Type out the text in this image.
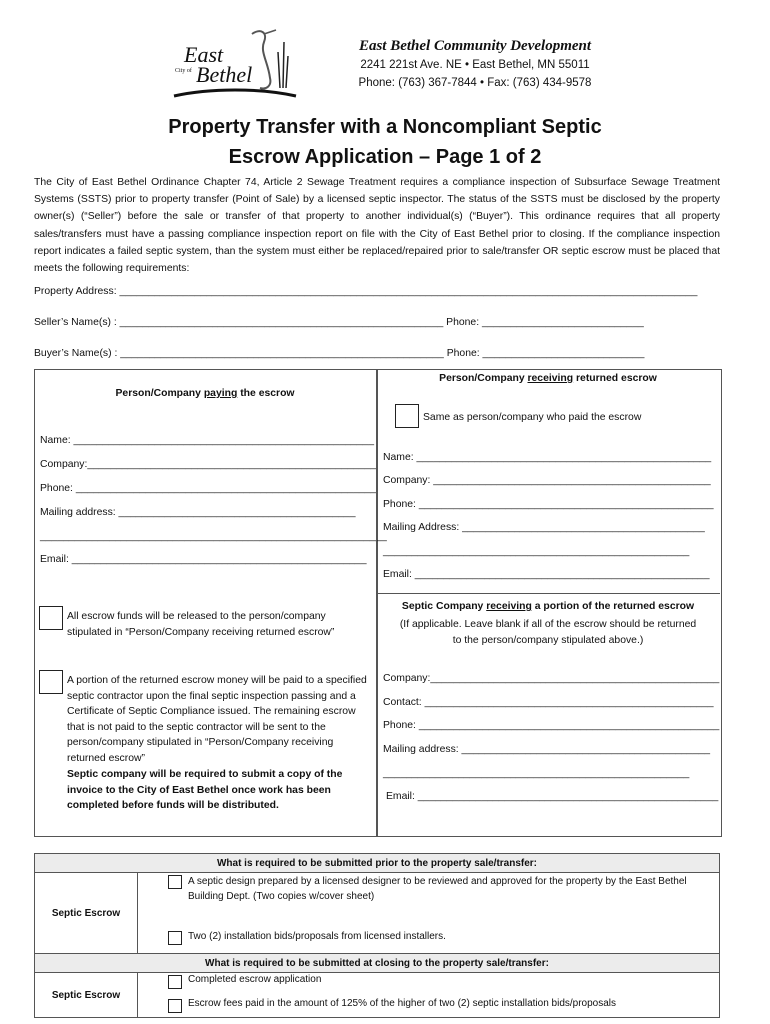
East
City of Bethel
East Bethel Community Development
2241 221st Ave. NE • East Bethel, MN 55011
Phone: (763) 367-7844 • Fax: (763) 434-9578
Property Transfer with a Noncompliant Septic
Escrow Application – Page 1 of 2
The City of East Bethel Ordinance Chapter 74, Article 2 Sewage Treatment requires a compliance inspection of Subsurface Sewage Treatment Systems (SSTS) prior to property transfer (Point of Sale) by a licensed septic inspector. The status of the SSTS must be disclosed by the property owner(s) (“Seller”) before the sale or transfer of that property to another individual(s) (“Buyer”). This ordinance requires that all property sales/transfers must have a passing compliance inspection report on file with the City of East Bethel prior to closing. If the compliance inspection report indicates a failed septic system, than the system must either be replaced/repaired prior to sale/transfer OR septic escrow must be placed that meets the following requirements:
Property Address: ____________________________________________________________________________________________________
Seller’s Name(s) : ________________________________________________________ Phone: ____________________________
Buyer’s Name(s) : ________________________________________________________ Phone: ____________________________
Person/Company paying the escrow
Name: ____________________________________________________
Company:__________________________________________________
Phone: ____________________________________________________
Mailing address: _________________________________________
____________________________________________________________
Email: ___________________________________________________
All escrow funds will be released to the person/company stipulated in “Person/Company receiving returned escrow”
A portion of the returned escrow money will be paid to a specified septic contractor upon the final septic inspection passing and a Certificate of Septic Compliance issued. The remaining escrow that is not paid to the septic contractor will be sent to the person/company stipulated in “Person/Company receiving returned escrow”
Septic company will be required to submit a copy of the invoice to the City of East Bethel once work has been completed before funds will be distributed.
Person/Company receiving returned escrow
Same as person/company who paid the escrow
Name: ___________________________________________________
Company: ________________________________________________
Phone: ___________________________________________________
Mailing Address: __________________________________________
_____________________________________________________
Email: ___________________________________________________
Septic Company receiving a portion of the returned escrow
(If applicable. Leave blank if all of the escrow should be returned to the person/company stipulated above.)
Company:__________________________________________________
Contact: __________________________________________________
Phone: ____________________________________________________
Mailing address: ___________________________________________
_____________________________________________________
Email: ____________________________________________________
What is required to be submitted prior to the property sale/transfer:	
Septic Escrow	A septic design prepared by a licensed designer to be reviewed and approved for the property by the East Bethel Building Dept. (Two copies w/cover sheet)
Two (2) installation bids/proposals from licensed installers.

What is required to be submitted at closing to the property sale/transfer:	
Septic Escrow	Completed escrow application
Escrow fees paid in the amount of 125% of the higher of two (2) septic installation bids/proposals
